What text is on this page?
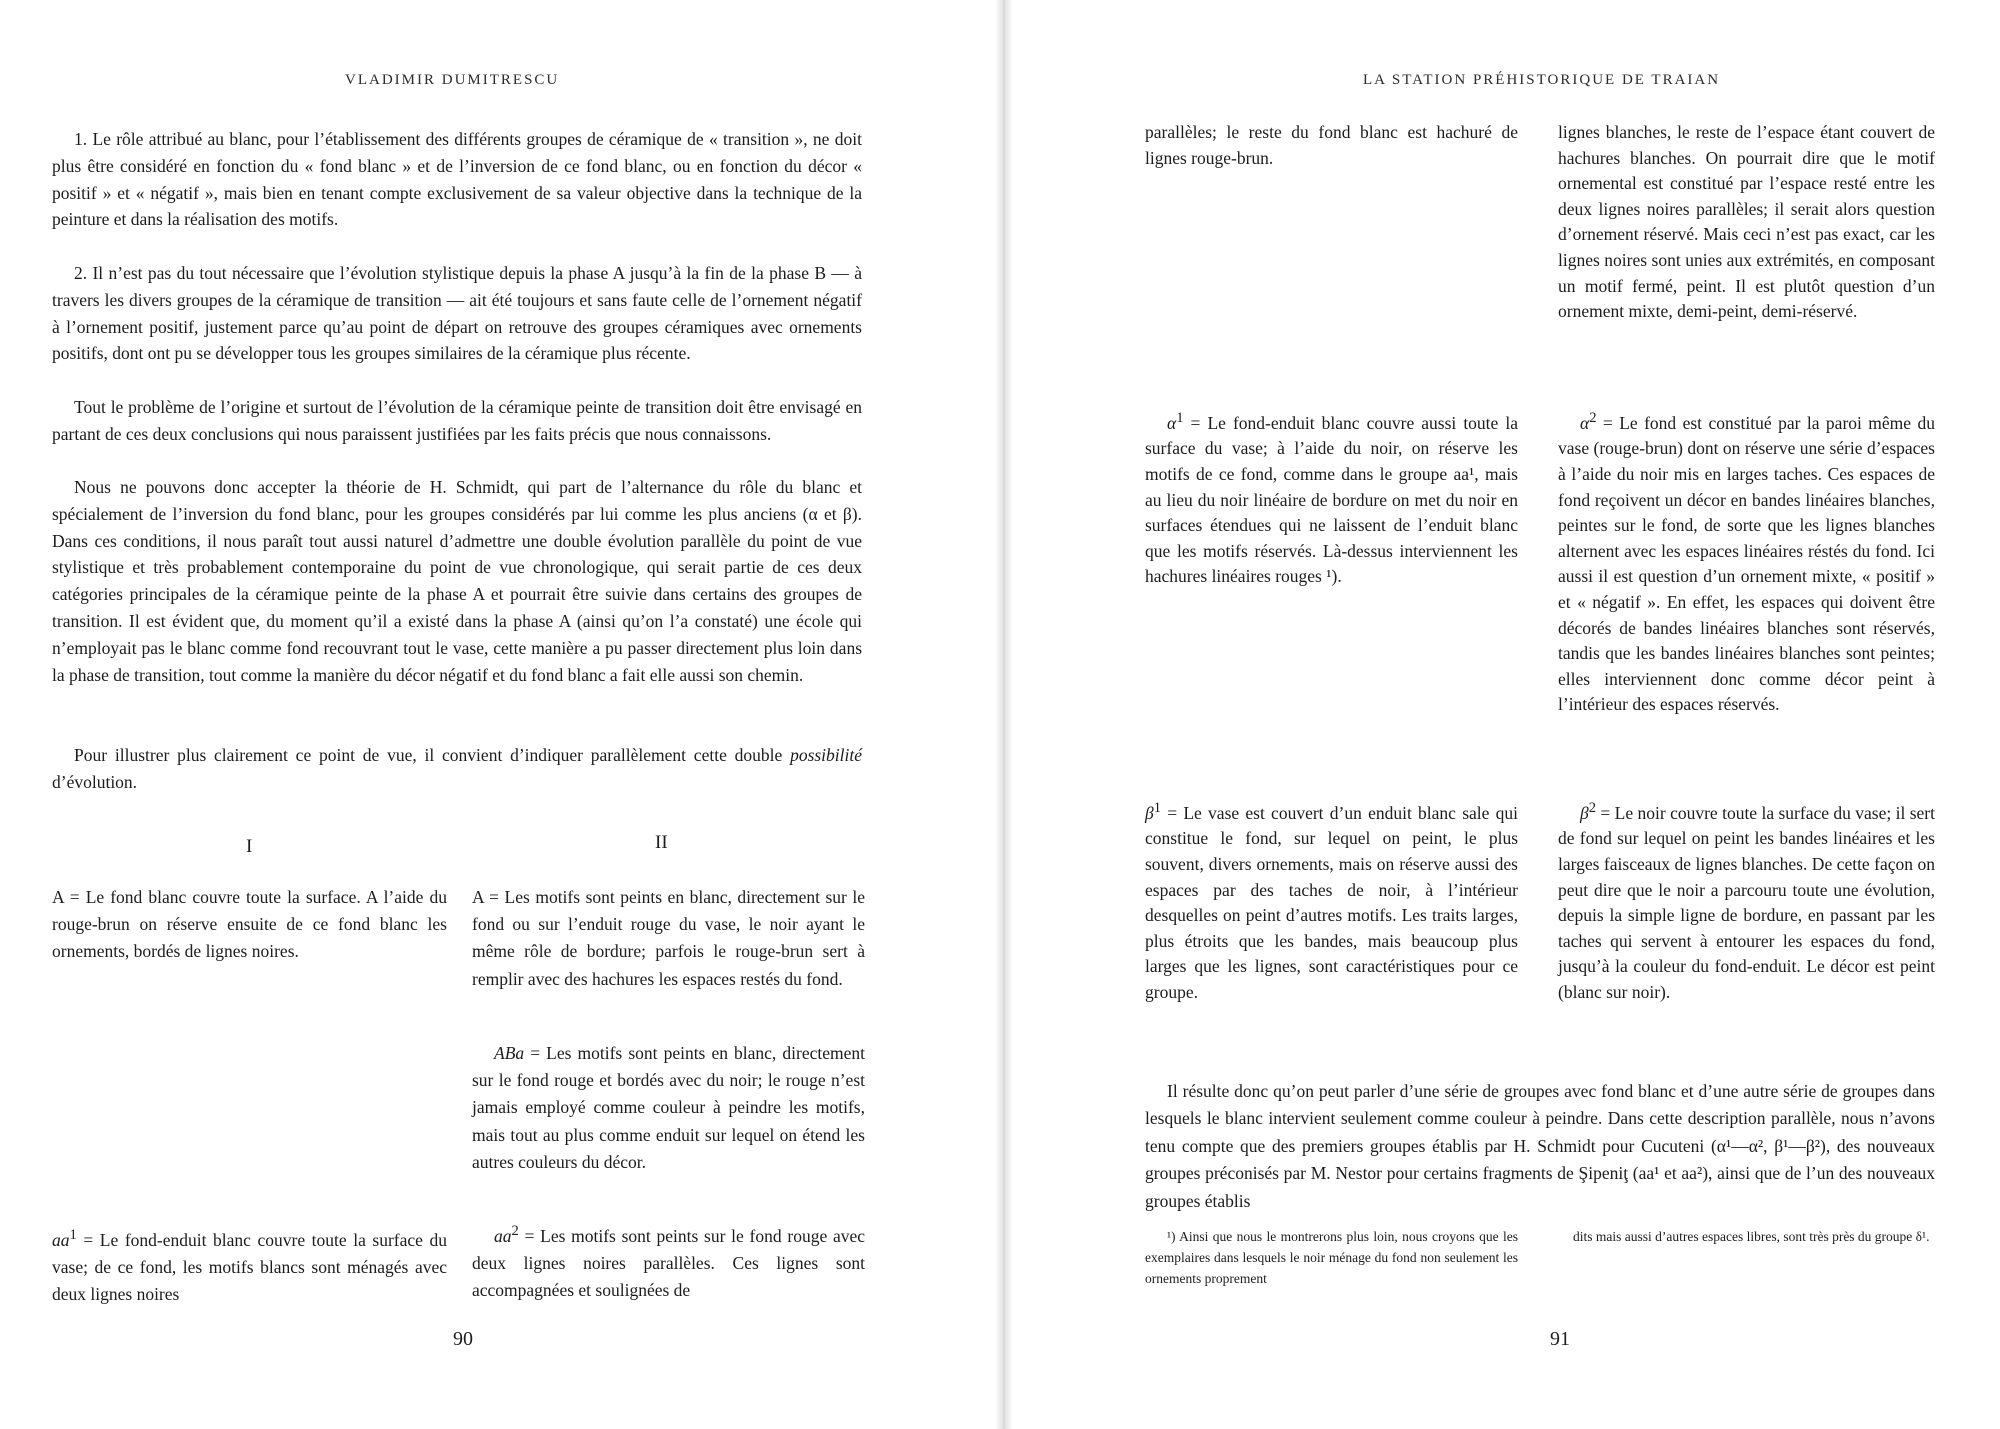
VLADIMIR DUMITRESCU

1. Le rôle attribué au blanc, pour l’établissement des différents groupes de céramique de « transition », ne doit plus être considéré en fonction du « fond blanc » et de l’inversion de ce fond blanc, ou en fonction du décor « positif » et « négatif », mais bien en tenant compte exclusivement de sa valeur objective dans la technique de la peinture et dans la réalisation des motifs.

2. Il n’est pas du tout nécessaire que l’évolution stylistique depuis la phase A jusqu’à la fin de la phase B — à travers les divers groupes de la céramique de transition — ait été toujours et sans faute celle de l’ornement négatif à l’ornement positif, justement parce qu’au point de départ on retrouve des groupes céramiques avec ornements positifs, dont ont pu se développer tous les groupes similaires de la céramique plus récente.

Tout le problème de l’origine et surtout de l’évolution de la céramique peinte de transition doit être envisagé en partant de ces deux conclusions qui nous paraissent justifiées par les faits précis que nous connaissons.

Nous ne pouvons donc accepter la théorie de H. Schmidt, qui part de l’alternance du rôle du blanc et spécialement de l’inversion du fond blanc, pour les groupes considérés par lui comme les plus anciens (α et β). Dans ces conditions, il nous paraît tout aussi naturel d’admettre une double évolution parallèle du point de vue stylistique et très probablement contemporaine du point de vue chronologique, qui serait partie de ces deux catégories principales de la céramique peinte de la phase A et pourrait être suivie dans certains des groupes de transition. Il est évident que, du moment qu’il a existé dans la phase A (ainsi qu’on l’a constaté) une école qui n’employait pas le blanc comme fond recouvrant tout le vase, cette manière a pu passer directement plus loin dans la phase de transition, tout comme la manière du décor négatif et du fond blanc a fait elle aussi son chemin.

Pour illustrer plus clairement ce point de vue, il convient d’indiquer parallèlement cette double possibilité d’évolution.

I	II

A = Le fond blanc couvre toute la surface. A l’aide du rouge-brun on réserve ensuite de ce fond blanc les ornements, bordés de lignes noires.

$aa^1 = Le$ fond-enduit blanc couvre toute la surface du vase; de ce fond, les motifs blancs sont ménagés avec deux lignes noires

A = Les motifs sont peints en blanc, directement sur le fond ou sur l’enduit rouge du vase, le noir ayant le même rôle de bordure; parfois le rouge-brun sert à remplir avec des hachures les espaces restés du fond.

ABa = Les motifs sont peints en blanc, directement sur le fond rouge et bordés avec du noir; le rouge n’est jamais employé comme couleur à peindre les motifs, mais tout au plus comme enduit sur lequel on étend les autres couleurs du décor.

$aa^2$ = Les motifs sont peints sur le fond rouge avec deux lignes noires parallèles. Ces lignes sont accompagnées et soulignées de

90
LA STATION PRÉHISTORIQUE DE TRAIAN

parallèles; le reste du fond blanc est hachuré de lignes rouge-brun.

lignes blanches, le reste de l’espace étant couvert de hachures blanches. On pourrait dire que le motif ornemental est constitué par l’espace resté entre les deux lignes noires parallèles; il serait alors question d’ornement réservé. Mais ceci n’est pas exact, car les lignes noires sont unies aux extrémités, en composant un motif fermé, peint. Il est plutôt question d’un ornement mixte, demi-peint, demi-réservé.

$\alpha^1 = Le$ fond-enduit blanc couvre aussi toute la surface du vase; à l’aide du noir, on réserve les motifs de ce fond, comme dans le groupe aa¹, mais au lieu du noir linéaire de bordure on met du noir en surfaces étendues qui ne laissent de l’enduit blanc que les motifs réservés. Là-dessus interviennent les hachures linéaires rouges ¹).

$\alpha^2 = Le$ fond est constitué par la paroi même du vase (rouge-brun) dont on réserve une série d’espaces à l’aide du noir mis en larges taches. Ces espaces de fond reçoivent un décor en bandes linéaires blanches, peintes sur le fond, de sorte que les lignes blanches alternent avec les espaces linéaires réstés du fond. Ici aussi il est question d’un ornement mixte, « positif » et « négatif ». En effet, les espaces qui doivent être décorés de bandes linéaires blanches sont réservés, tandis que les bandes linéaires blanches sont peintes; elles interviennent donc comme décor peint à l’intérieur des espaces réservés.

$\beta^1 = Le$ vase est couvert d’un enduit blanc sale qui constitue le fond, sur lequel on peint, le plus souvent, divers ornements, mais on réserve aussi des espaces par des taches de noir, à l’intérieur desquelles on peint d’autres motifs. Les traits larges, plus étroits que les bandes, mais beaucoup plus larges que les lignes, sont caractéristiques pour ce groupe.

$\beta^2 = Le$ noir couvre toute la surface du vase; il sert de fond sur lequel on peint les bandes linéaires et les larges faisceaux de lignes blanches. De cette façon on peut dire que le noir a parcouru toute une évolution, depuis la simple ligne de bordure, en passant par les taches qui servent à entourer les espaces du fond, jusqu’à la couleur du fond-enduit. Le décor est peint (blanc sur noir).

Il résulte donc qu’on peut parler d’une série de groupes avec fond blanc et d’une autre série de groupes dans lesquels le blanc intervient seulement comme couleur à peindre. Dans cette description parallèle, nous n’avons tenu compte que des premiers groupes établis par H. Schmidt pour Cucuteni (α¹—α², β¹—β²), des nouveaux groupes préconisés par M. Nestor pour certains fragments de Şipeniţ (aa¹ et aa²), ainsi que de l’un des nouveaux groupes établis

¹) Ainsi que nous le montrerons plus loin, nous croyons que les exemplaires dans lesquels le noir ménage du fond non seulement les ornements proprement

dits mais aussi d’autres espaces libres, sont très près du groupe δ¹.

91
